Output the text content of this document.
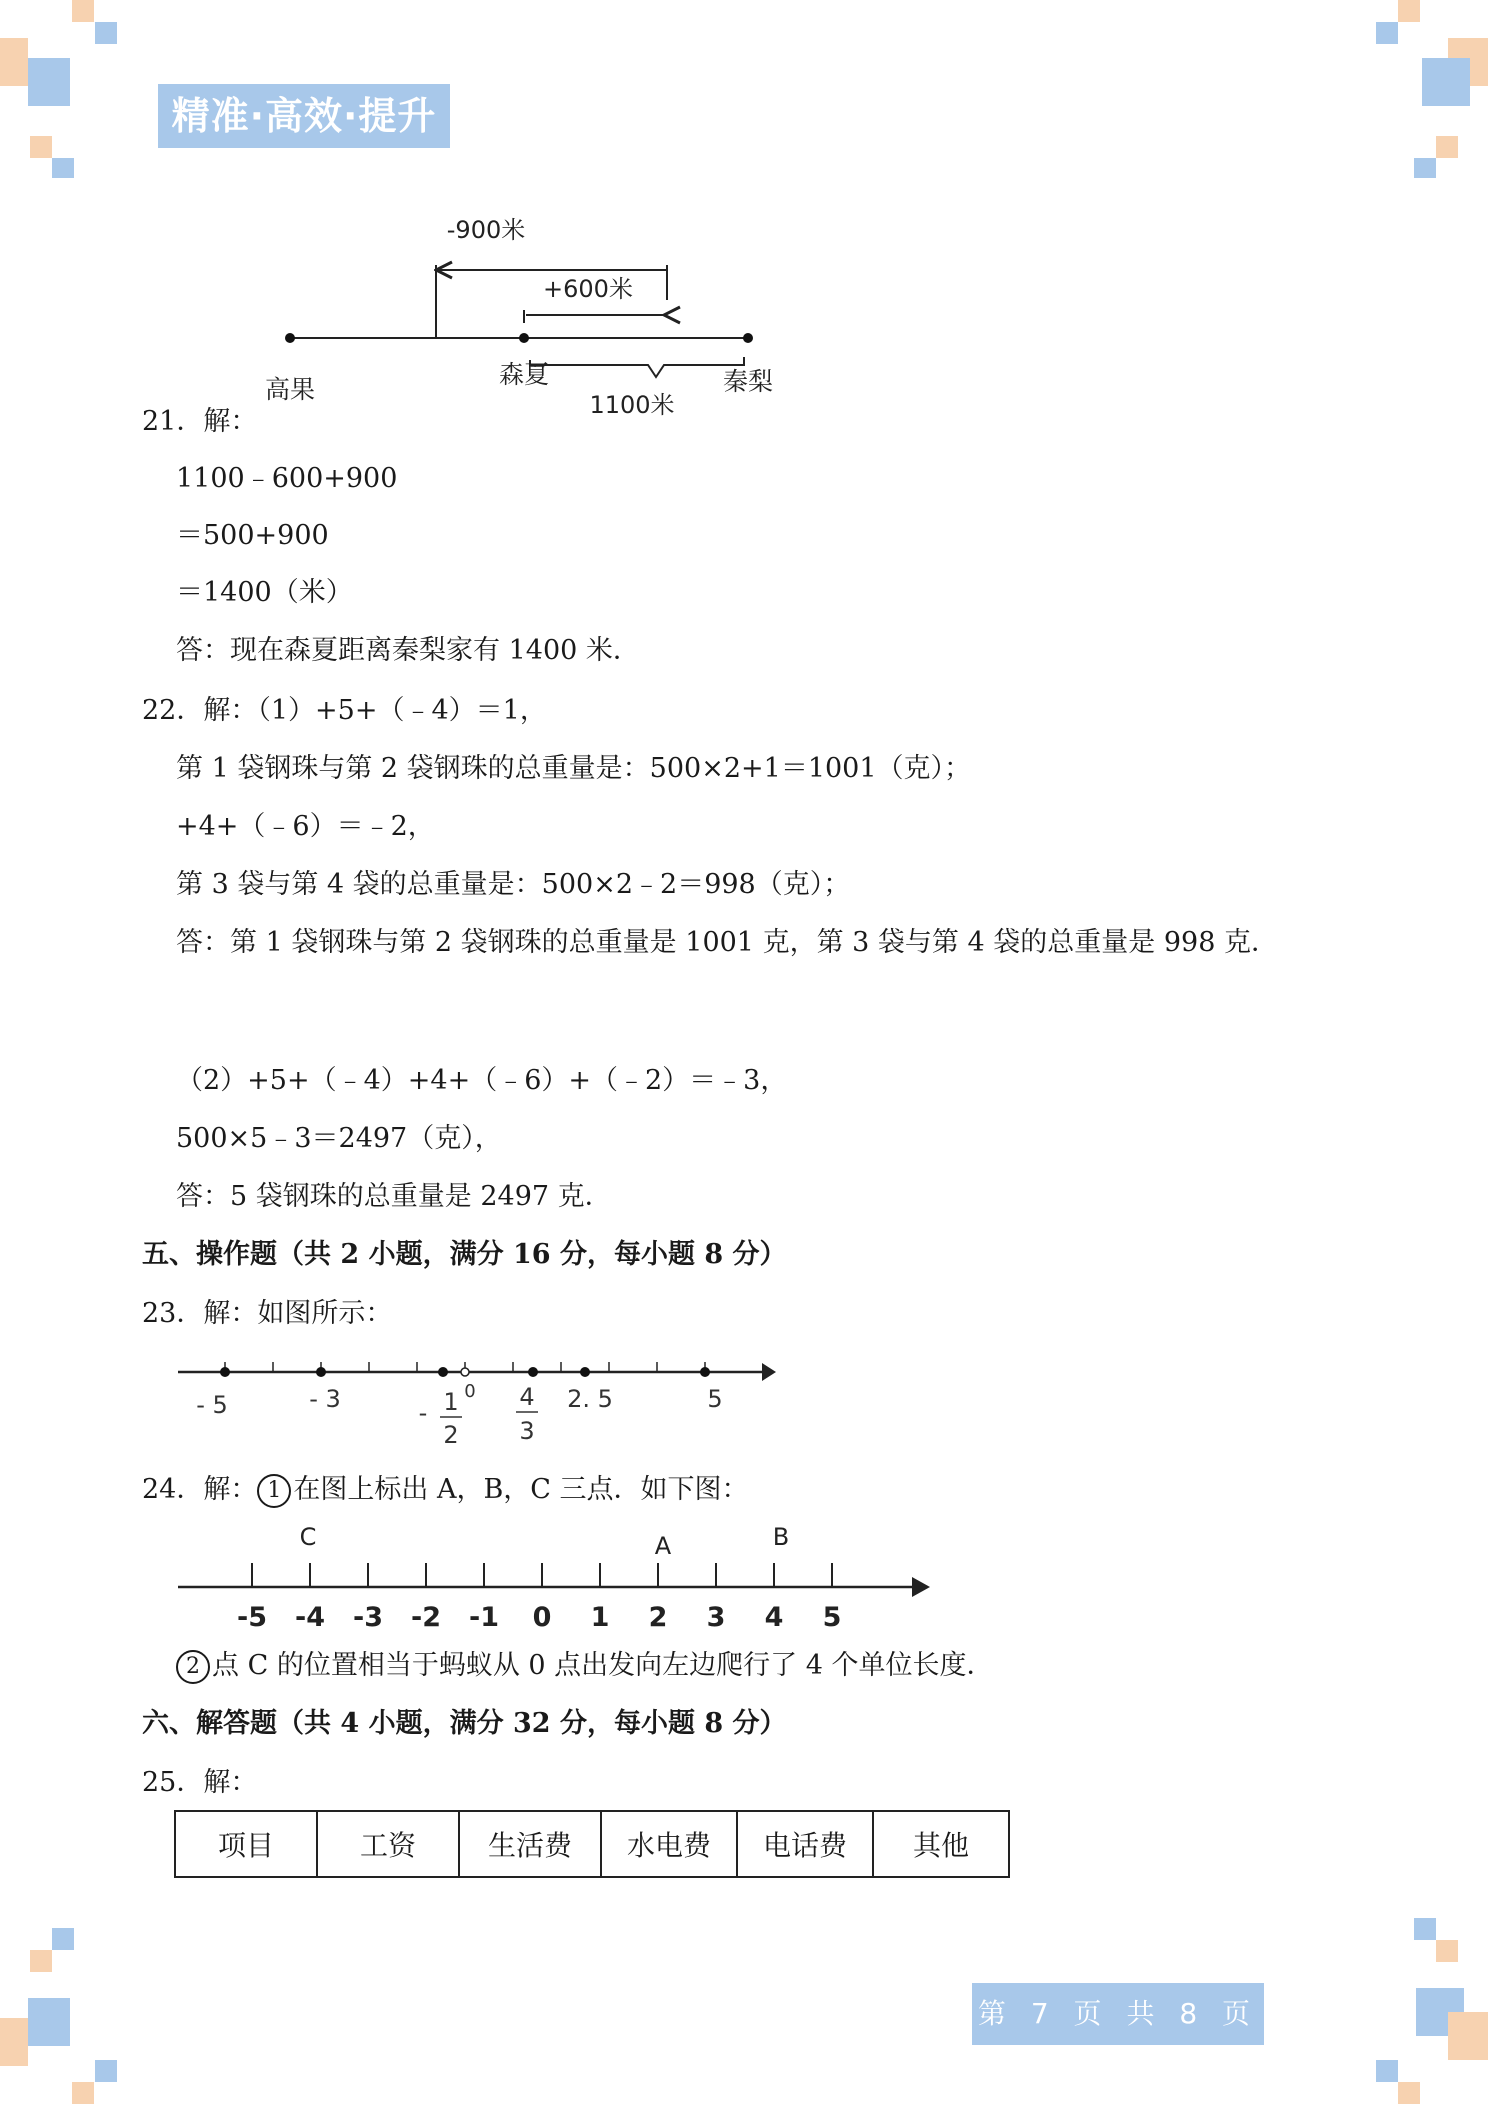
精准·高效·提升
-900米
+600米
高果
森夏	秦梨
1100米
21．解：
1100﹣600+900
＝500+900
＝1400（米）
答：现在森夏距离秦梨家有 1400 米．
22．解：（1）+5+（﹣4）＝1，
第 1 袋钢珠与第 2 袋钢珠的总重量是：500×2+1＝1001（克）；
+4+（﹣6）＝﹣2，
第 3 袋与第 4 袋的总重量是：500×2﹣2＝998（克）；
答：第 1 袋钢珠与第 2 袋钢珠的总重量是 1001 克，第 3 袋与第 4 袋的总重量是 998 克．
（2）+5+（﹣4）+4+（﹣6）+（﹣2）＝﹣3，
500×5﹣3＝2497（克），
答：5 袋钢珠的总重量是 2497 克．
五、操作题（共 2 小题，满分 16 分，每小题 8 分）
23．解：如图所示：
- 5	- 3	- 1
2
0 4
3
2. 5	5
24．解： 1 在图上标出 A，B，C 三点．如下图：
C	A	B
-5 -4 -3 -2 -1 0 1 2 3 4 5
2 点 C 的位置相当于蚂蚁从 0 点出发向左边爬行了 4 个单位长度．
六、解答题（共 4 小题，满分 32 分，每小题 8 分）
25．解：
项目	工资	生活费	水电费	电话费	其他
第 7 页 共 8 页
